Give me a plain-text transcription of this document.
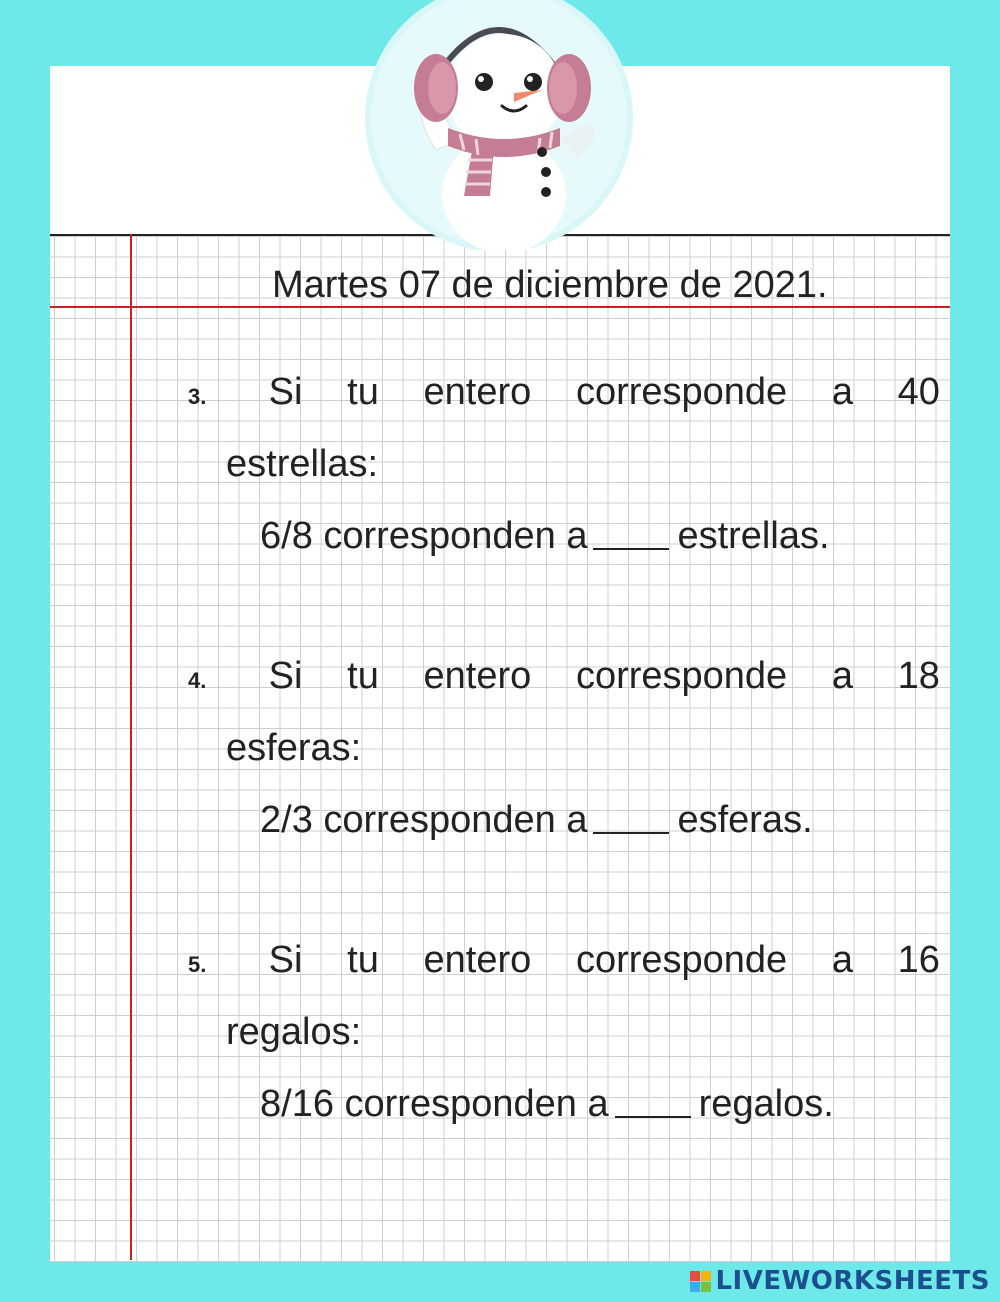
Martes 07 de diciembre de 2021.
3.	Si tu entero corresponde a 40
estrellas:
6/8 corresponden a estrellas.
4.	Si tu entero corresponde a 18
esferas:
2/3 corresponden a esferas.
5.	Si tu entero corresponde a 16
regalos:
8/16 corresponden a regalos.
LIVEWORKSHEETS
